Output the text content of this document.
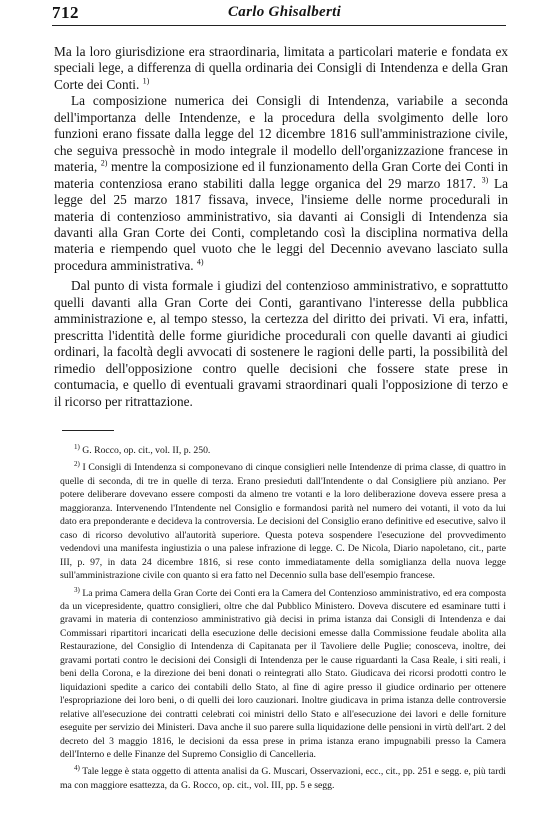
712	Carlo Ghisalberti

Ma la loro giurisdizione era straordinaria, limitata a particolari materie e fondata ex speciali lege, a differenza di quella ordinaria dei Consigli di Intendenza e della Gran Corte dei Conti. $^{1)}$

La composizione numerica dei Consigli di Intendenza, variabile a seconda dell'importanza delle Intendenze, e la procedura della svolgimento delle loro funzioni erano fissate dalla legge del 12 dicembre 1816 sull'amministrazione civile, che seguiva pressochè in modo integrale il modello dell'organizzazione francese in materia, $^{2)}$ mentre la composizione ed il funzionamento della Gran Corte dei Conti in materia contenziosa erano stabiliti dalla legge organica del 29 marzo 1817. $^{3)}$ La legge del 25 marzo 1817 fissava, invece, l'insieme delle norme procedurali in materia di contenzioso amministrativo, sia davanti ai Consigli di Intendenza sia davanti alla Gran Corte dei Conti, completando così la disciplina normativa della materia e riempendo quel vuoto che le leggi del Decennio avevano lasciato sulla procedura amministrativa. $^{4)}$

Dal punto di vista formale i giudizi del contenzioso amministrativo, e soprattutto quelli davanti alla Gran Corte dei Conti, garantivano l'interesse della pubblica amministrazione e, al tempo stesso, la certezza del diritto dei privati. Vi era, infatti, prescritta l'identità delle forme giuridiche procedurali con quelle davanti ai giudici ordinari, la facoltà degli avvocati di sostenere le ragioni delle parti, la possibilità del rimedio dell'opposizione contro quelle decisioni che fossere state prese in contumacia, e quello di eventuali gravami straordinari quali l'opposizione di terzo e il ricorso per ritrattazione.

$^{1)}$ G. Rocco, op. cit., vol. II, p. 250.

$^{2)}$ I Consigli di Intendenza si componevano di cinque consiglieri nelle Intendenze di prima classe, di quattro in quelle di seconda, di tre in quelle di terza. Erano presieduti dall'Intendente o dal Consigliere più anziano. Per potere deliberare dovevano essere composti da almeno tre votanti e la loro deliberazione doveva essere presa a maggioranza. Intervenendo l'Intendente nel Consiglio e formandosi parità nel numero dei votanti, il voto da lui dato era preponderante e decideva la controversia. Le decisioni del Consiglio erano definitive ed esecutive, salvo il caso di ricorso devolutivo all'autorità superiore. Questa poteva sospendere l'esecuzione del provvedimento vedendovi una manifesta ingiustizia o una palese infrazione di legge. C. De Nicola, Diario napoletano, cit., parte III, p. 97, in data 24 dicembre 1816, si rese conto immediatamente della somiglianza della nuova legge sull'amministrazione civile con quanto si era fatto nel Decennio sulla base dell'esempio francese.

$^{3)}$ La prima Camera della Gran Corte dei Conti era la Camera del Contenzioso amministrativo, ed era composta da un vicepresidente, quattro consiglieri, oltre che dal Pubblico Ministero. Doveva discutere ed esaminare tutti i gravami in materia di contenzioso amministrativo già decisi in prima istanza dai Consigli di Intendenza e dai Commissari ripartitori incaricati della esecuzione delle decisioni emesse dalla Commissione feudale abolita alla Restaurazione, del Consiglio di Intendenza di Capitanata per il Tavoliere delle Puglie; conosceva, inoltre, dei gravami portati contro le decisioni dei Consigli di Intendenza per le cause riguardanti la Casa Reale, i siti reali, i beni della Corona, e la direzione dei beni donati o reintegrati allo Stato. Giudicava dei ricorsi prodotti contro le liquidazioni spedite a carico dei contabili dello Stato, al fine di agire presso il giudice ordinario per ottenere l'espropriazione dei loro beni, o di quelli dei loro cauzionari. Inoltre giudicava in prima istanza delle controversie relative all'esecuzione dei contratti celebrati coi ministri dello Stato e all'esecuzione dei lavori e delle forniture eseguite per servizio dei Ministeri. Dava anche il suo parere sulla liquidazione delle pensioni in virtù dell'art. 2 del decreto del 3 maggio 1816, le decisioni da essa prese in prima istanza erano impugnabili presso la Camera dell'Interno e delle Finanze del Supremo Consiglio di Cancelleria.

$^{4)}$ Tale legge è stata oggetto di attenta analisi da G. Muscari, Osservazioni, ecc., cit., pp. 251 e segg. e, più tardi ma con maggiore esattezza, da G. Rocco, op. cit., vol. III, pp. 5 e segg.
